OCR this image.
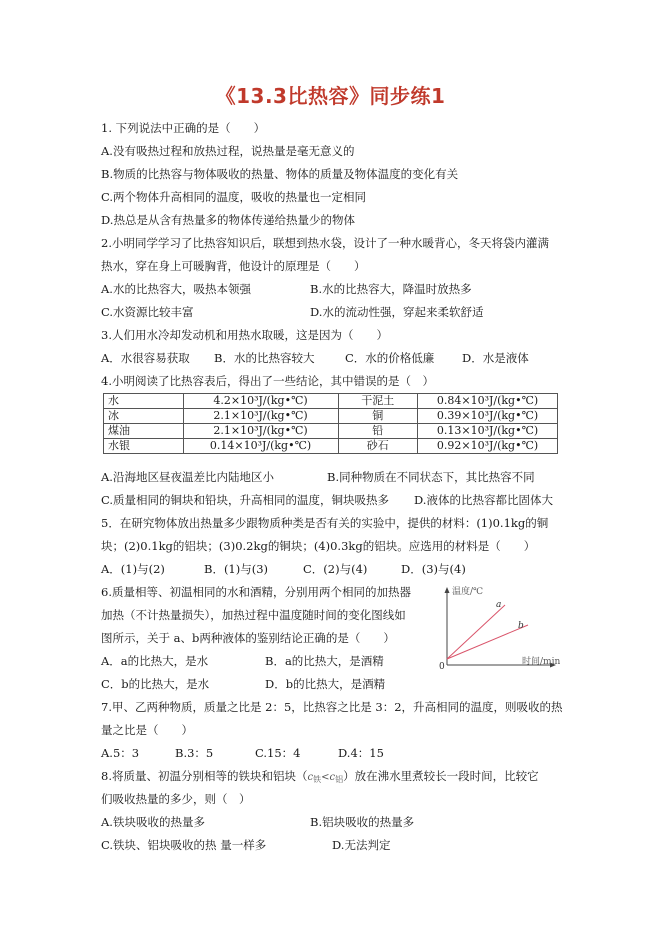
《13.3比热容》同步练1
1. 下列说法中正确的是（　　）
A.没有吸热过程和放热过程，说热量是毫无意义的
B.物质的比热容与物体吸收的热量、物体的质量及物体温度的变化有关
C.两个物体升高相同的温度，吸收的热量也一定相同
D.热总是从含有热量多的物体传递给热量少的物体
2.小明同学学习了比热容知识后，联想到热水袋，设计了一种水暖背心，冬天将袋内灌满
热水，穿在身上可暖胸背，他设计的原理是（　　）
A.水的比热容大，吸热本领强	B.水的比热容大，降温时放热多
C.水资源比较丰富	D.水的流动性强，穿起来柔软舒适
3.人们用水冷却发动机和用热水取暖，这是因为（　　）
A．水很容易获取 B．水的比热容较大	C．水的价格低廉 D．水是液体
4.小明阅读了比热容表后，得出了一些结论，其中错误的是（　）
水	4.2×10³J/(kg•℃)	干泥土	0.84×10³J/(kg•℃)
冰	2.1×10³J/(kg•℃)	铜	0.39×10³J/(kg•℃)
煤油	2.1×10³J/(kg•℃)	铅	0.13×10³J/(kg•℃)
水银	0.14×10³J/(kg•℃)	砂石	0.92×10³J/(kg•℃)
A.沿海地区昼夜温差比内陆地区小	B.同种物质在不同状态下，其比热容不同
C.质量相同的铜块和铅块，升高相同的温度，铜块吸热多 D.液体的比热容都比固体大
5．在研究物体放出热量多少跟物质种类是否有关的实验中，提供的材料：(1)0.1kg的铜
块；(2)0.1kg的铝块；(3)0.2kg的铜块；(4)0.3kg的铝块。应选用的材料是（　　）
A．(1)与(2)	B．(1)与(3)	C．(2)与(4)	D．(3)与(4)
6.质量相等、初温相同的水和酒精，分别用两个相同的加热器
加热（不计热量损失），加热过程中温度随时间的变化图线如
图所示，关于 a、b两种液体的鉴别结论正确的是（　　）
A．a的比热大，是水	B．a的比热大，是酒精
C．b的比热大，是水	D．b的比热大，是酒精
温度/℃
时间/min
0
a
b
7.甲、乙两种物质，质量之比是 2：5，比热容之比是 3：2，升高相同的温度，则吸收的热
量之比是（　　）
A.5：3	B.3：5	C.15：4	D.4：15
8.将质量、初温分别相等的铁块和铝块$(c_铁<c_铝)$放在沸水里煮较长一段时间，比较它
们吸收热量的多少，则（　）
A.铁块吸收的热量多	B.铝块吸收的热量多
C.铁块、铝块吸收的热 量一样多	D.无法判定
